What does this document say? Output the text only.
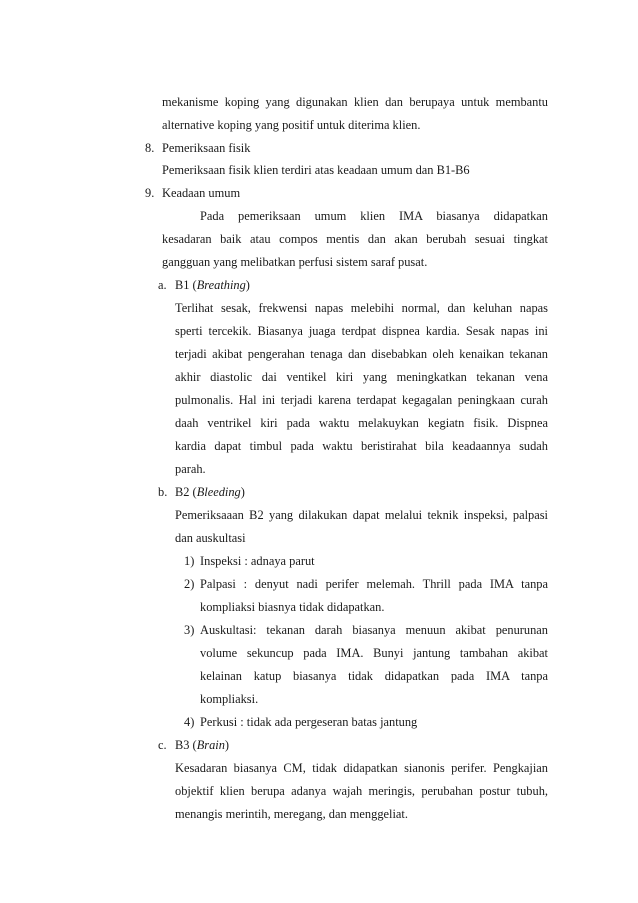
mekanisme koping yang digunakan klien dan berupaya untuk membantu
alternative koping yang positif untuk diterima klien.
8. Pemeriksaan fisik
Pemeriksaan fisik klien terdiri atas keadaan umum dan B1-B6
9. Keadaan umum
Pada pemeriksaan umum klien IMA biasanya didapatkan
kesadaran baik atau compos mentis dan akan berubah sesuai tingkat
gangguan yang melibatkan perfusi sistem saraf pusat.
a. B1 (Breathing)
Terlihat sesak, frekwensi napas melebihi normal, dan keluhan napas
sperti tercekik. Biasanya juaga terdpat dispnea kardia. Sesak napas ini
terjadi akibat pengerahan tenaga dan disebabkan oleh kenaikan tekanan
akhir diastolic dai ventikel kiri yang meningkatkan tekanan vena
pulmonalis. Hal ini terjadi karena terdapat kegagalan peningkaan curah
daah ventrikel kiri pada waktu melakuykan kegiatn fisik. Dispnea
kardia dapat timbul pada waktu beristirahat bila keadaannya sudah
parah.
b. B2 (Bleeding)
Pemeriksaaan B2 yang dilakukan dapat melalui teknik inspeksi, palpasi
dan auskultasi
1) Inspeksi : adnaya parut
2) Palpasi : denyut nadi perifer melemah. Thrill pada IMA tanpa
kompliaksi biasnya tidak didapatkan.
3) Auskultasi: tekanan darah biasanya menuun akibat penurunan
volume sekuncup pada IMA. Bunyi jantung tambahan akibat
kelainan katup biasanya tidak didapatkan pada IMA tanpa
kompliaksi.
4) Perkusi : tidak ada pergeseran batas jantung
c. B3 (Brain)
Kesadaran biasanya CM, tidak didapatkan sianonis perifer. Pengkajian
objektif klien berupa adanya wajah meringis, perubahan postur tubuh,
menangis merintih, meregang, dan menggeliat.
